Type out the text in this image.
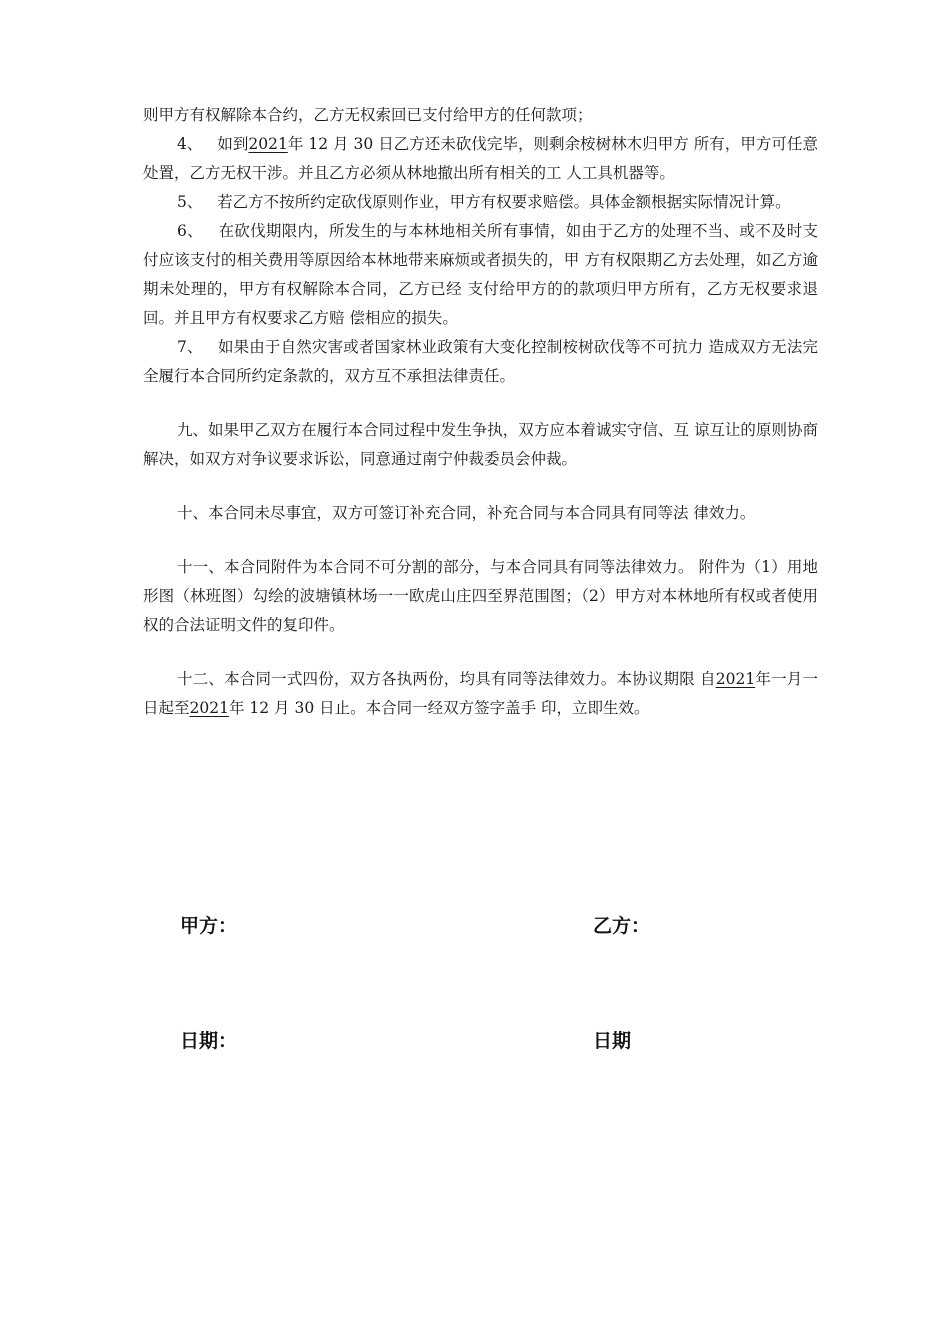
则甲方有权解除本合约，乙方无权索回已支付给甲方的任何款项；

4、 如到2021年 12 月 30 日乙方还未砍伐完毕，则剩余桉树林木归甲方 所有，甲方可任意处置，乙方无权干涉。并且乙方必须从林地撤出所有相关的工 人工具机器等。

5、 若乙方不按所约定砍伐原则作业，甲方有权要求赔偿。具体金额根据实际情况计算。

6、 在砍伐期限内，所发生的与本林地相关所有事情，如由于乙方的处理不当、或不及时支付应该支付的相关费用等原因给本林地带来麻烦或者损失的，甲 方有权限期乙方去处理，如乙方逾期未处理的，甲方有权解除本合同，乙方已经 支付给甲方的的款项归甲方所有，乙方无权要求退回。并且甲方有权要求乙方赔 偿相应的损失。

7、 如果由于自然灾害或者国家林业政策有大变化控制桉树砍伐等不可抗力 造成双方无法完全履行本合同所约定条款的，双方互不承担法律责任。

九、如果甲乙双方在履行本合同过程中发生争执，双方应本着诚实守信、互 谅互让的原则协商解决，如双方对争议要求诉讼，同意通过南宁仲裁委员会仲裁。

十、本合同未尽事宜，双方可签订补充合同，补充合同与本合同具有同等法 律效力。

十一、本合同附件为本合同不可分割的部分，与本合同具有同等法律效力。 附件为（1）用地形图（林班图）勾绘的波塘镇林场一一欧虎山庄四至界范围图；（2）甲方对本林地所有权或者使用权的合法证明文件的复印件。

十二、本合同一式四份，双方各执两份，均具有同等法律效力。本协议期限 自2021年一月一日起至2021年 12 月 30 日止。本合同一经双方签字盖手 印，立即生效。

甲方：	乙方：
日期：	日期
